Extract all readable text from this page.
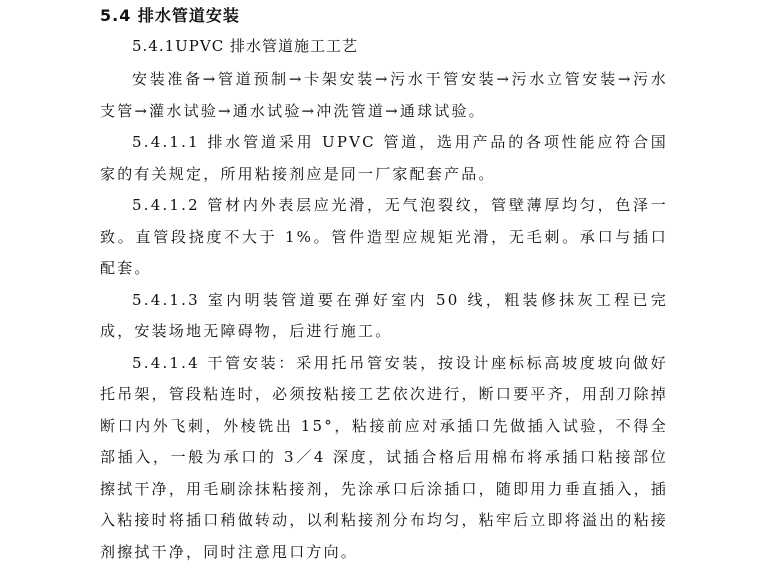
5.4 排水管道安装
5.4.1UPVC 排水管道施工工艺

安装准备→管道预制→卡架安装→污水干管安装→污水立管安装→污水支管→灌水试验→通水试验→冲洗管道→通球试验。

5.4.1.1 排水管道采用 UPVC 管道，选用产品的各项性能应符合国家的有关规定，所用粘接剂应是同一厂家配套产品。

5.4.1.2 管材内外表层应光滑，无气泡裂纹，管壁薄厚均匀，色泽一致。直管段挠度不大于 1%。管件造型应规矩光滑，无毛刺。承口与插口配套。

5.4.1.3 室内明装管道要在弹好室内 50 线，粗装修抹灰工程已完成，安装场地无障碍物，后进行施工。

5.4.1.4 干管安装：采用托吊管安装，按设计座标标高坡度坡向做好托吊架，管段粘连时，必须按粘接工艺依次进行，断口要平齐，用刮刀除掉断口内外飞刺，外棱铣出 15°，粘接前应对承插口先做插入试验，不得全部插入，一般为承口的 3／4 深度，试插合格后用棉布将承插口粘接部位擦拭干净，用毛刷涂抹粘接剂，先涂承口后涂插口，随即用力垂直插入，插入粘接时将插口稍做转动，以利粘接剂分布均匀，粘牢后立即将溢出的粘接剂擦拭干净，同时注意甩口方向。
